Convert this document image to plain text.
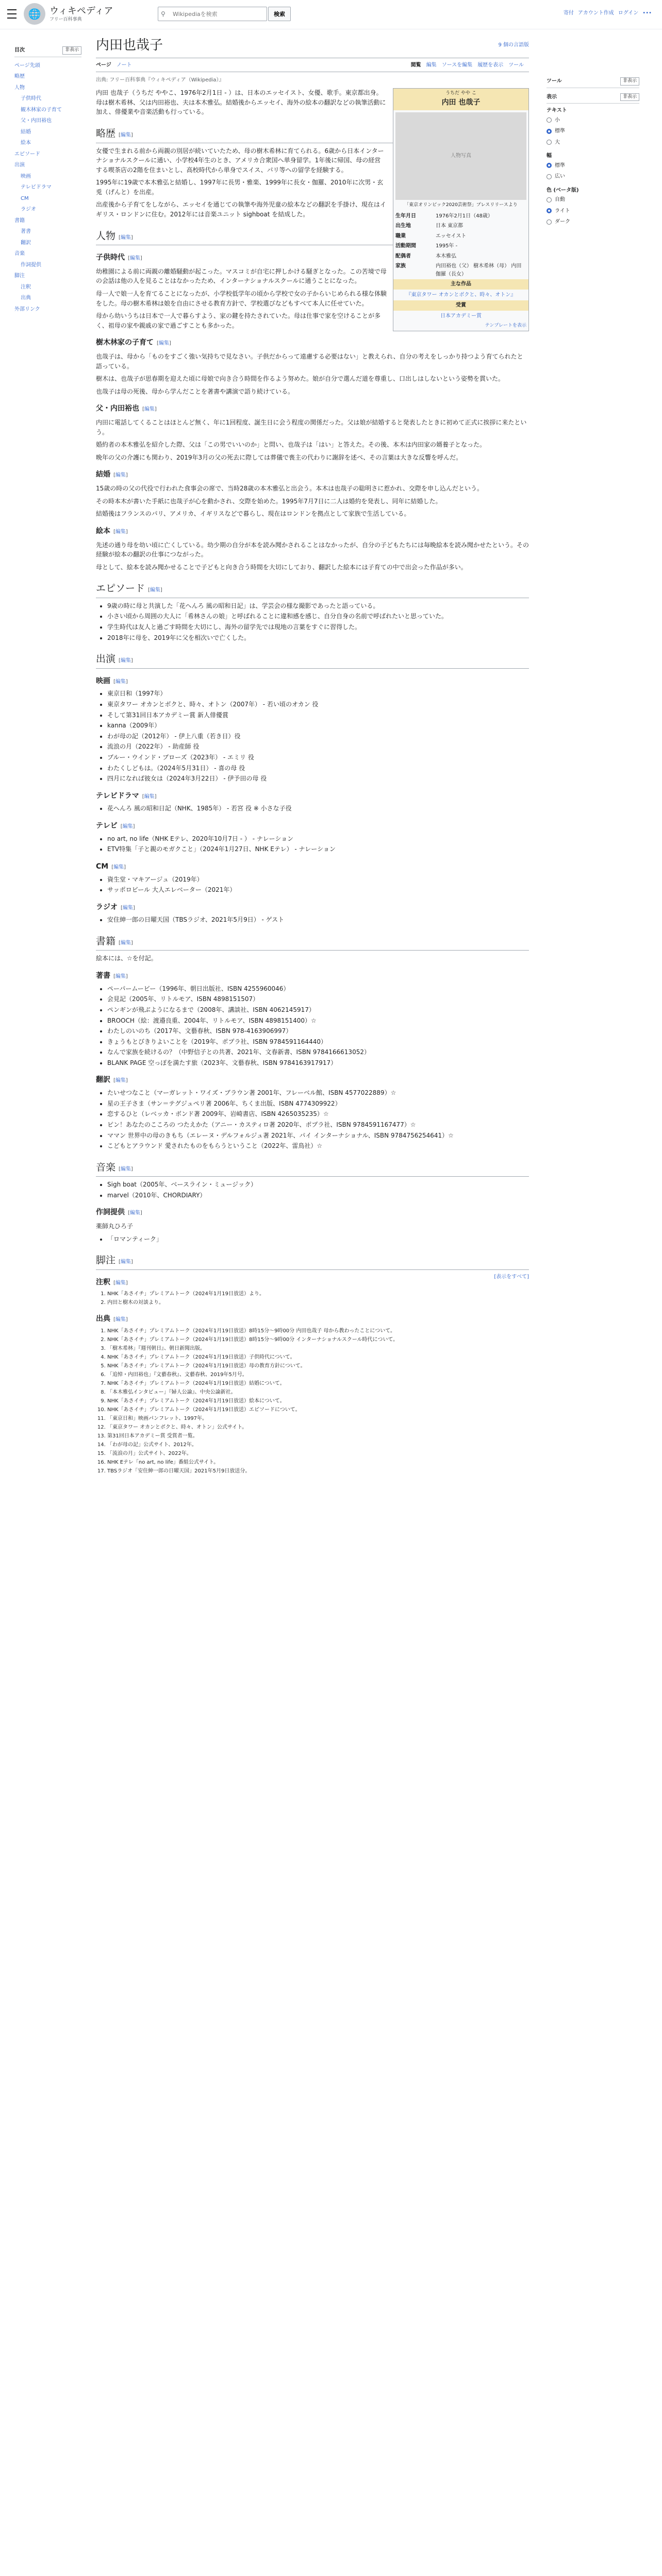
🌐 ウィキペディア
フリー百科事典
⚲
Wikipediaを検索	検索	寄付 アカウント作成 ログイン •••
目次	非表示
ページ先頭
略歴
人物
子供時代
観木林家の子育て
父・内田裕也
結婚
絵本
エピソード
出演
映画
テレビドラマ
CM
ラジオ
書籍
著書
翻訳
音楽
作詞提供
脚注
注釈
出典
外部リンク
ツール	非表示
表示	非表示
テキスト
小
標準
大
幅
標準
広い
色 (ベータ版)
自動
ライト
ダーク
内田也哉子	9 個の言語版
ページ ノート	閲覧 編集 ソースを編集 履歴を表示 ツール
出典: フリー百科事典『ウィキペディア（Wikipedia）』
うちだ やや こ
内田 也哉子
人物写真
「東京オリンピック2020芸術祭」プレスリリースより
生年月日	1976年2月1日（48歳）
出生地	日本 東京都
職業	エッセイスト
活動期間	1995年 -
配偶者	本木雅弘
家族	内田裕也（父） 樹木希林（母） 内田伽羅（長女）
主な作品
『東京タワー オカンとボクと、時々、オトン』
受賞
日本アカデミー賞
テンプレートを表示

内田 也哉子（うちだ ややこ、1976年2月1日 - ）は、日本のエッセイスト、女優、歌手。東京都出身。母は樹木希林、父は内田裕也、夫は本木雅弘。結婚後からエッセイ、海外の絵本の翻訳などの執筆活動に加え、俳優業や音楽活動も行っている。

略歴 [編集]

女優で生まれる前から両親の別居が続いていたため、母の樹木希林に育てられる。6歳から日本インターナショナルスクールに通い、小学校4年生のとき、アメリカ合衆国へ単身留学。1年後に帰国、母の経営する喫茶店の2階を住まいとし、高校時代から単身でスイス、パリ等への留学を経験する。

1995年に19歳で本木雅弘と結婚し、1997年に長男・雅楽、1999年に長女・伽羅、2010年に次男・玄兎（げんと）を出産。

出産後から子育てをしながら、エッセイを通じての執筆や海外児童の絵本などの翻訳を手掛け、現在はイギリス・ロンドンに住む。2012年には音楽ユニット sighboat を結成した。

人物 [編集]
子供時代 [編集]

幼稚園による前に両親の離婚騒動が起こった。マスコミが自宅に押しかける騒ぎとなった。この苦境で母の会話は他の人を見ることはなかったため、インターナショナルスクールに通うことになった。

母一人で娘一人を育てることになったが、小学校低学年の頃から学校で女の子からいじめられる様な体験をした。母の樹木希林は娘を自由にさせる教育方針で、学校選びなどもすべて本人に任せていた。

母から幼いうちは日本で一人で暮らすよう、家の鍵を持たされていた。母は仕事で家を空けることが多く、祖母の家や親戚の家で過ごすことも多かった。

樹木林家の子育て [編集]

也哉子は、母から「ものをすごく強い気持ちで見なさい。子供だからって遠慮する必要はない」と教えられ、自分の考えをしっかり持つよう育てられたと語っている。

樹木は、也哉子が思春期を迎えた頃に母娘で向き合う時間を作るよう努めた。娘が自分で選んだ道を尊重し、口出しはしないという姿勢を貫いた。

也哉子は母の死後、母から学んだことを著書や講演で語り続けている。

父・内田裕也 [編集]

内田に電話してくることはほとんど無く、年に1回程度、誕生日に会う程度の関係だった。父は娘が結婚すると発表したときに初めて正式に挨拶に来たという。

婚約者の本木雅弘を紹介した際、父は「この男でいいのか」と問い、也哉子は「はい」と答えた。その後、本木は内田家の婿養子となった。

晩年の父の介護にも関わり、2019年3月の父の死去に際しては葬儀で喪主の代わりに謝辞を述べ、その言葉は大きな反響を呼んだ。

結婚 [編集]

15歳の時の父の代役で行われた食事会の席で、当時28歳の本木雅弘と出会う。本木は也哉子の聡明さに惹かれ、交際を申し込んだという。

その時本木が書いた手紙に也哉子が心を動かされ、交際を始めた。1995年7月7日に二人は婚約を発表し、同年に結婚した。

結婚後はフランスのパリ、アメリカ、イギリスなどで暮らし、現在はロンドンを拠点として家族で生活している。

絵本 [編集]

先述の通り母を幼い頃に亡くしている。幼少期の自分が本を読み聞かされることはなかったが、自分の子どもたちには毎晩絵本を読み聞かせたという。その経験が絵本の翻訳の仕事につながった。

母として、絵本を読み聞かせることで子どもと向き合う時間を大切にしており、翻訳した絵本には子育ての中で出会った作品が多い。

エピソード [編集]
• 9歳の時に母と共演した「花へんろ 風の昭和日記」は、学芸会の様な撮影であったと語っている。
• 小さい頃から周囲の大人に「希林さんの娘」と呼ばれることに違和感を感じ、自分自身の名前で呼ばれたいと思っていた。
• 学生時代は友人と過ごす時間を大切にし、海外の留学先では現地の言葉をすぐに習得した。
• 2018年に母を、2019年に父を相次いで亡くした。
出演 [編集]
映画 [編集]
• 東京日和（1997年）
• 東京タワー オカンとボクと、時々、オトン（2007年） - 若い頃のオカン 役
• そして第31回日本アカデミー賞 新人俳優賞
• kanna（2009年）
• わが母の記（2012年） - 伊上八重（若き日）役
• 流浪の月（2022年） - 助産師 役
• ブルー・ウインド・ブローズ（2023年） - エミリ 役
• わたくしどもは。（2024年5月31日） - 喜の母 役
• 四月になれば彼女は（2024年3月22日） - 伊予田の母 役
テレビドラマ [編集]
• 花へんろ 風の昭和日記（NHK、1985年） - 若宮 役 ※ 小さな子役
テレビ [編集]
• no art, no life（NHK Eテレ、2020年10月7日 - ） - ナレーション
• ETV特集「子と親のモガクこと」（2024年1月27日、NHK Eテレ） - ナレーション
CM [編集]
• 資生堂・マキアージュ（2019年）
• サッポロビール 大人エレベーター（2021年）
ラジオ [編集]
• 安住紳一郎の日曜天国（TBSラジオ、2021年5月9日） - ゲスト
書籍 [編集]

絵本には、☆を付記。

著書 [編集]
• ペーパームービー（1996年、朝日出版社、ISBN 4255960046）
• 会見記（2005年、リトルモア、ISBN 4898151507）
• ペンギンが飛ぶようになるまで（2008年、講談社、ISBN 4062145917）
• BROOCH（絵：渡邉良重、2004年、リトルモア、ISBN 4898151400）☆
• わたしのいのち（2017年、文藝春秋、ISBN 978-4163906997）
• きょうもとびきりよいことを（2019年、ポプラ社、ISBN 9784591164440）
• なんで家族を続けるの？（中野信子との共著、2021年、文春新書、ISBN 9784166613052）
• BLANK PAGE 空っぽを満たす旅（2023年、文藝春秋、ISBN 9784163917917）
翻訳 [編集]
• たいせつなこと（マーガレット・ワイズ・ブラウン著 2001年、フレーベル館、ISBN 4577022889）☆
• 星の王子さま（サン＝テグジュペリ著 2006年、ちくま出版、ISBN 4774309922）
• 恋するひと（レベッカ・ボンド著 2009年、岩崎書店、ISBN 4265035235）☆
• ピン！あなたのこころの つたえかた（アニー・カスティロ著 2020年、ポプラ社、ISBN 9784591167477）☆
• ママン 世界中の母のきもち（エレーヌ・デルフォルジュ著 2021年、パイ インターナショナル、ISBN 9784756254641）☆
• こどもとアラウンド 愛されたものをもらうということ（2022年、雷鳥社）☆
音楽 [編集]
• Sigh boat（2005年、ベースライン・ミュージック）
• marvel（2010年、CHORDIARY）
作詞提供 [編集]

薬師丸ひろ子

• 「ロマンティーク」
脚注 [編集]
[表示をすべて]
注釈 [編集]
1. NHK「あさイチ」プレミアムトーク（2024年1月19日放送）より。
2. 内田と樹木の対談より。
出典 [編集]
1. NHK「あさイチ」プレミアムトーク（2024年1月19日放送）8時15分〜9時00分 内田也哉子 母から教わったことについて。
2. NHK「あさイチ」プレミアムトーク（2024年1月19日放送）8時15分〜9時00分 インターナショナルスクール時代について。
3. 「樹木希林」『週刊朝日』、朝日新聞出版。
4. NHK「あさイチ」プレミアムトーク（2024年1月19日放送）子供時代について。
5. NHK「あさイチ」プレミアムトーク（2024年1月19日放送）母の教育方針について。
6. 「追悼・内田裕也」『文藝春秋』、文藝春秋、2019年5月号。
7. NHK「あさイチ」プレミアムトーク（2024年1月19日放送）結婚について。
8. 「本木雅弘インタビュー」『婦人公論』、中央公論新社。
9. NHK「あさイチ」プレミアムトーク（2024年1月19日放送）絵本について。
10. NHK「あさイチ」プレミアムトーク（2024年1月19日放送）エピソードについて。
11. 「東京日和」映画パンフレット、1997年。
12. 「東京タワー オカンとボクと、時々、オトン」公式サイト。
13. 第31回日本アカデミー賞 受賞者一覧。
14. 「わが母の記」公式サイト、2012年。
15. 「流浪の月」公式サイト、2022年。
16. NHK Eテレ「no art, no life」番組公式サイト。
17. TBSラジオ「安住紳一郎の日曜天国」2021年5月9日放送分。
